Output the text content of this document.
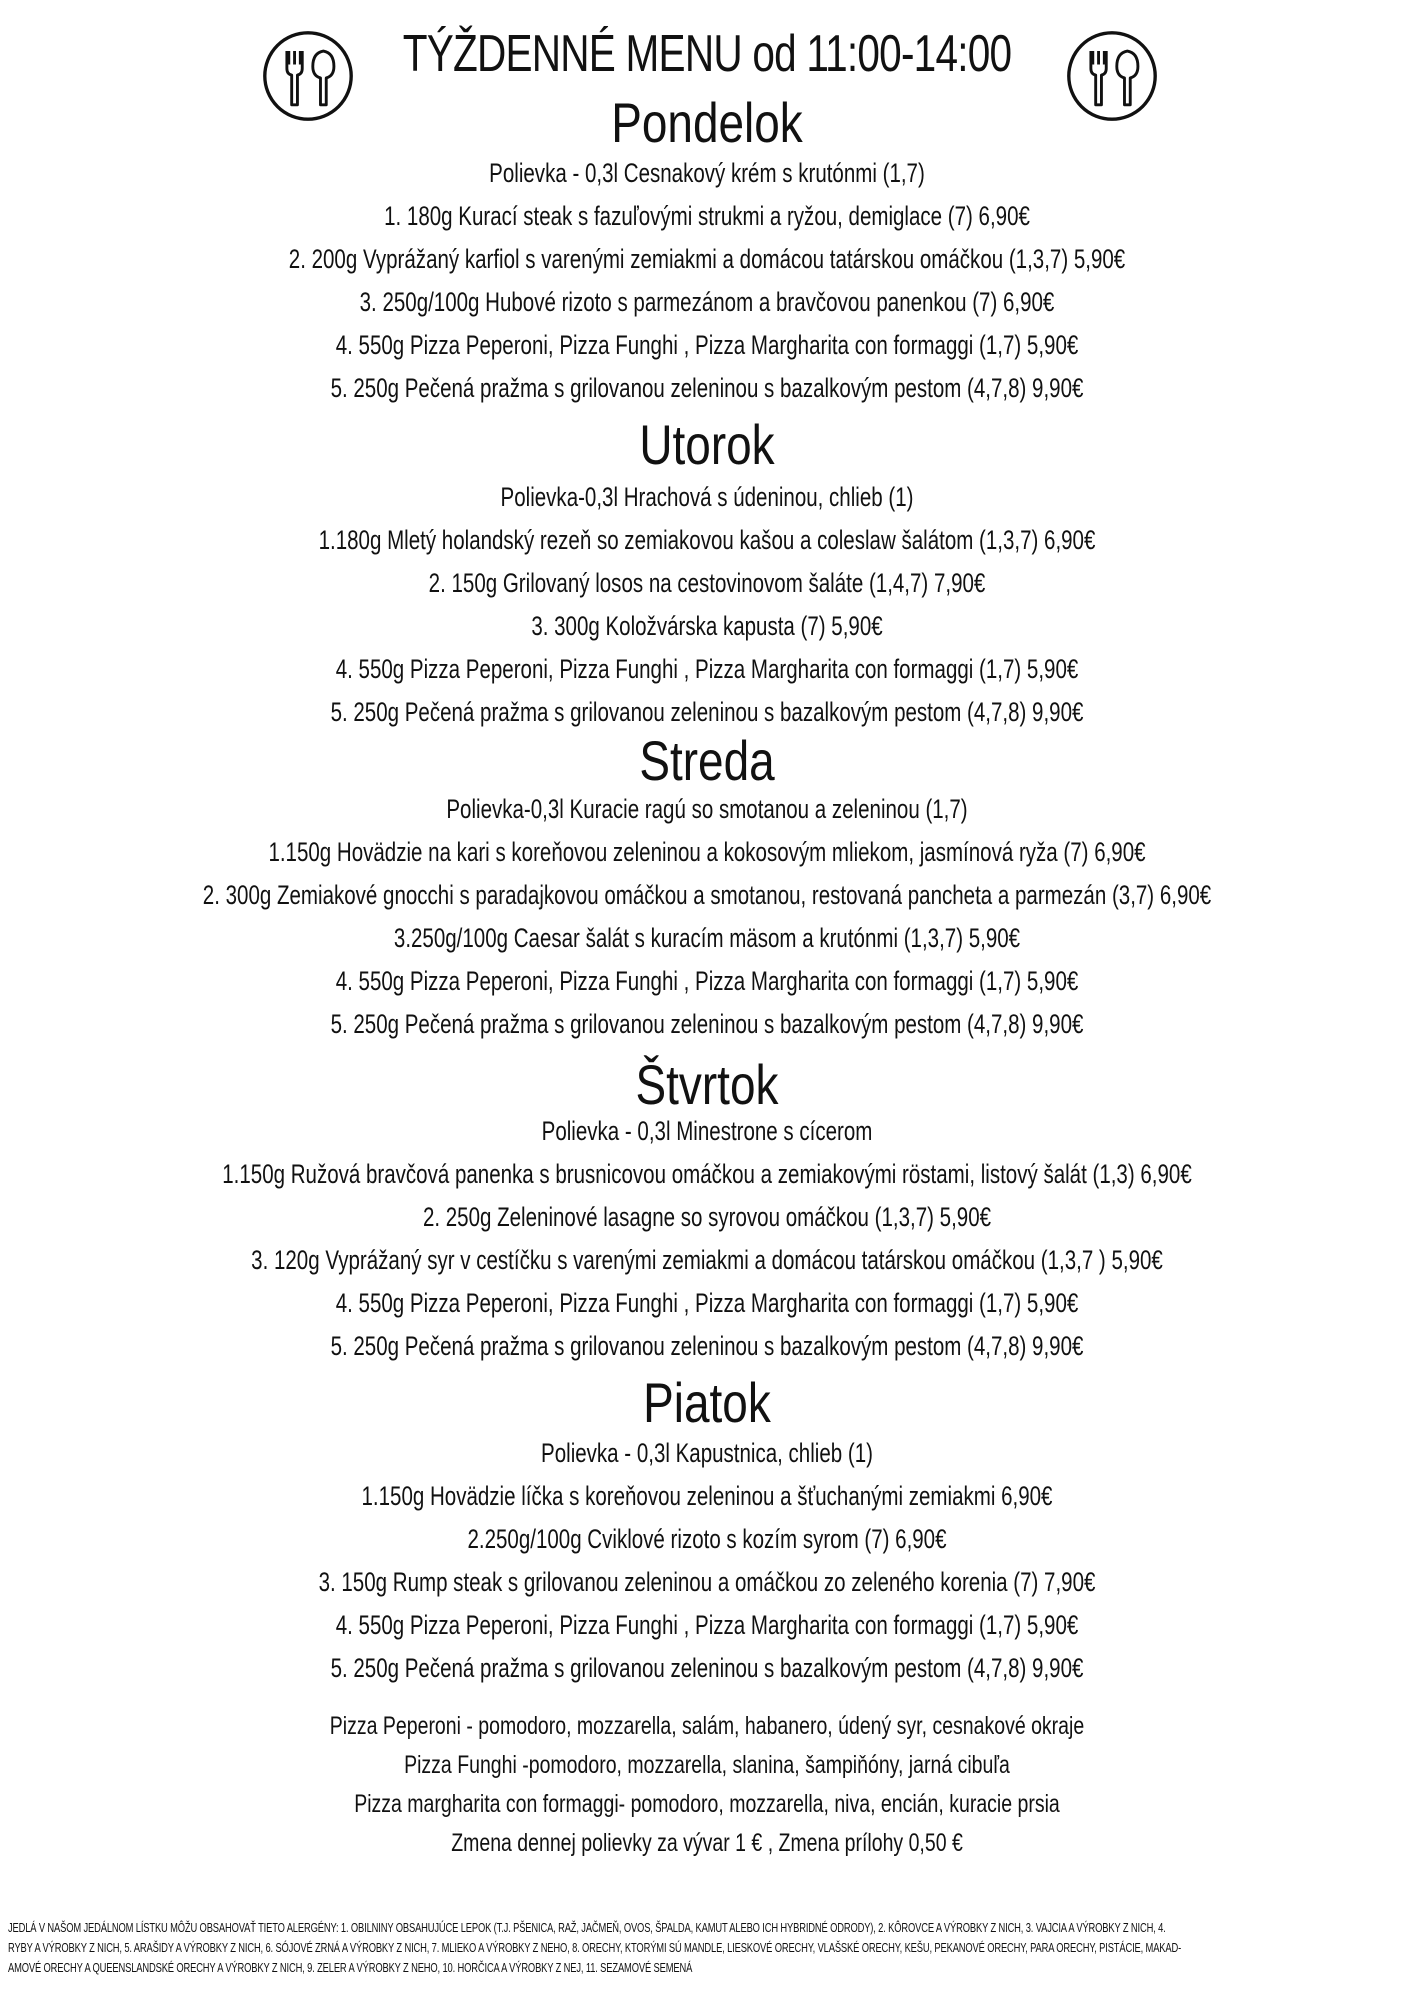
TÝŽDENNÉ MENU od 11:00-14:00
Pondelok
Polievka - 0,3l Cesnakový krém s krutónmi (1,7)
1. 180g Kurací steak s fazuľovými strukmi a ryžou, demiglace (7) 6,90€
2. 200g Vyprážaný karfiol s varenými zemiakmi a domácou tatárskou omáčkou (1,3,7) 5,90€
3. 250g/100g Hubové rizoto s parmezánom a bravčovou panenkou (7) 6,90€
4. 550g Pizza Peperoni, Pizza Funghi , Pizza Margharita con formaggi (1,7) 5,90€
5. 250g Pečená pražma s grilovanou zeleninou s bazalkovým pestom (4,7,8) 9,90€
Utorok
Polievka-0,3l Hrachová s údeninou, chlieb (1)
1.180g Mletý holandský rezeň so zemiakovou kašou a coleslaw šalátom (1,3,7) 6,90€
2. 150g Grilovaný losos na cestovinovom šaláte (1,4,7) 7,90€
3. 300g Koložvárska kapusta (7) 5,90€
4. 550g Pizza Peperoni, Pizza Funghi , Pizza Margharita con formaggi (1,7) 5,90€
5. 250g Pečená pražma s grilovanou zeleninou s bazalkovým pestom (4,7,8) 9,90€
Streda
Polievka-0,3l Kuracie ragú so smotanou a zeleninou (1,7)
1.150g Hovädzie na kari s koreňovou zeleninou a kokosovým mliekom, jasmínová ryža (7) 6,90€
2. 300g Zemiakové gnocchi s paradajkovou omáčkou a smotanou, restovaná pancheta a parmezán (3,7) 6,90€
3.250g/100g Caesar šalát s kuracím mäsom a krutónmi (1,3,7) 5,90€
4. 550g Pizza Peperoni, Pizza Funghi , Pizza Margharita con formaggi (1,7) 5,90€
5. 250g Pečená pražma s grilovanou zeleninou s bazalkovým pestom (4,7,8) 9,90€
Štvrtok
Polievka - 0,3l Minestrone s cícerom
1.150g Ružová bravčová panenka s brusnicovou omáčkou a zemiakovými röstami, listový šalát (1,3) 6,90€
2. 250g Zeleninové lasagne so syrovou omáčkou (1,3,7) 5,90€
3. 120g Vyprážaný syr v cestíčku s varenými zemiakmi a domácou tatárskou omáčkou (1,3,7 ) 5,90€
4. 550g Pizza Peperoni, Pizza Funghi , Pizza Margharita con formaggi (1,7) 5,90€
5. 250g Pečená pražma s grilovanou zeleninou s bazalkovým pestom (4,7,8) 9,90€
Piatok
Polievka - 0,3l Kapustnica, chlieb (1)
1.150g Hovädzie líčka s koreňovou zeleninou a šťuchanými zemiakmi 6,90€
2.250g/100g Cviklové rizoto s kozím syrom (7) 6,90€
3. 150g Rump steak s grilovanou zeleninou a omáčkou zo zeleného korenia (7) 7,90€
4. 550g Pizza Peperoni, Pizza Funghi , Pizza Margharita con formaggi (1,7) 5,90€
5. 250g Pečená pražma s grilovanou zeleninou s bazalkovým pestom (4,7,8) 9,90€
Pizza Peperoni - pomodoro, mozzarella, salám, habanero, údený syr, cesnakové okraje
Pizza Funghi -pomodoro, mozzarella, slanina, šampiňóny, jarná cibuľa
Pizza margharita con formaggi- pomodoro, mozzarella, niva, encián, kuracie prsia
Zmena dennej polievky za vývar 1 € , Zmena prílohy 0,50 €
JEDLÁ V NAŠOM JEDÁLNOM LÍSTKU MÔŽU OBSAHOVAŤ TIETO ALERGÉNY: 1. OBILNINY OBSAHUJÚCE LEPOK (T.J. PŠENICA, RAŽ, JAČMEŇ, OVOS, ŠPALDA, KAMUT ALEBO ICH HYBRIDNÉ ODRODY), 2. KÔROVCE A VÝROBKY Z NICH, 3. VAJCIA A VÝROBKY Z NICH, 4.
RYBY A VÝROBKY Z NICH, 5. ARAŠIDY A VÝROBKY Z NICH, 6. SÓJOVÉ ZRNÁ A VÝROBKY Z NICH, 7. MLIEKO A VÝROBKY Z NEHO, 8. ORECHY, KTORÝMI SÚ MANDLE, LIESKOVÉ ORECHY, VLAŠSKÉ ORECHY, KEŠU, PEKANOVÉ ORECHY, PARA ORECHY, PISTÁCIE, MAKAD-
AMOVÉ ORECHY A QUEENSLANDSKÉ ORECHY A VÝROBKY Z NICH, 9. ZELER A VÝROBKY Z NEHO, 10. HORČICA A VÝROBKY Z NEJ, 11. SEZAMOVÉ SEMENÁ
